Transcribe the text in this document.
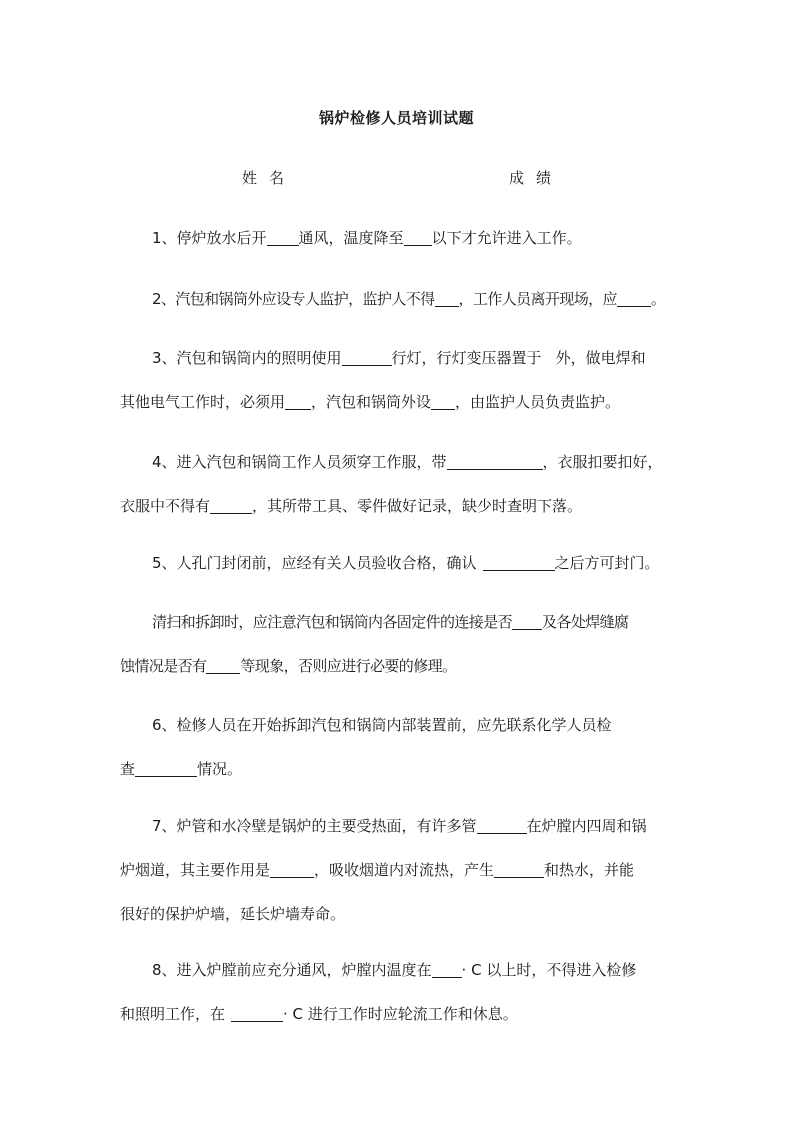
锅炉检修人员培训试题
姓名	成绩
1、停炉放水后开 通风，温度降至 以下才允许进入工作。
2、汽包和锅筒外应设专人监护，监护人不得 ，工作人员离开现场，应 。
3、汽包和锅筒内的照明使用	行灯，行灯变压器置于 外，做电焊和
其他电气工作时，必须用 ，汽包和锅筒外设 ，由监护人员负责监护。
4、进入汽包和锅筒工作人员须穿工作服，带	，衣服扣要扣好，
衣服中不得有	，其所带工具、零件做好记录，缺少时查明下落。
5、人孔门封闭前，应经有关人员验收合格，确认	之后方可封门。
清扫和拆卸时，应注意汽包和锅筒内各固定件的连接是否 及各处焊缝腐
蚀情况是否有 等现象，否则应进行必要的修理。
6、检修人员在开始拆卸汽包和锅筒内部装置前，应先联系化学人员检
查	情况。
7、炉管和水冷壁是锅炉的主要受热面，有许多管	在炉膛内四周和锅
炉烟道，其主要作用是	，吸收烟道内对流热，产生	和热水，并能
很好的保护炉墙，延长炉墙寿命。
8、进入炉膛前应充分通风，炉膛内温度在 · C 以上时，不得进入检修
和照明工作，在	· C 进行工作时应轮流工作和休息。
